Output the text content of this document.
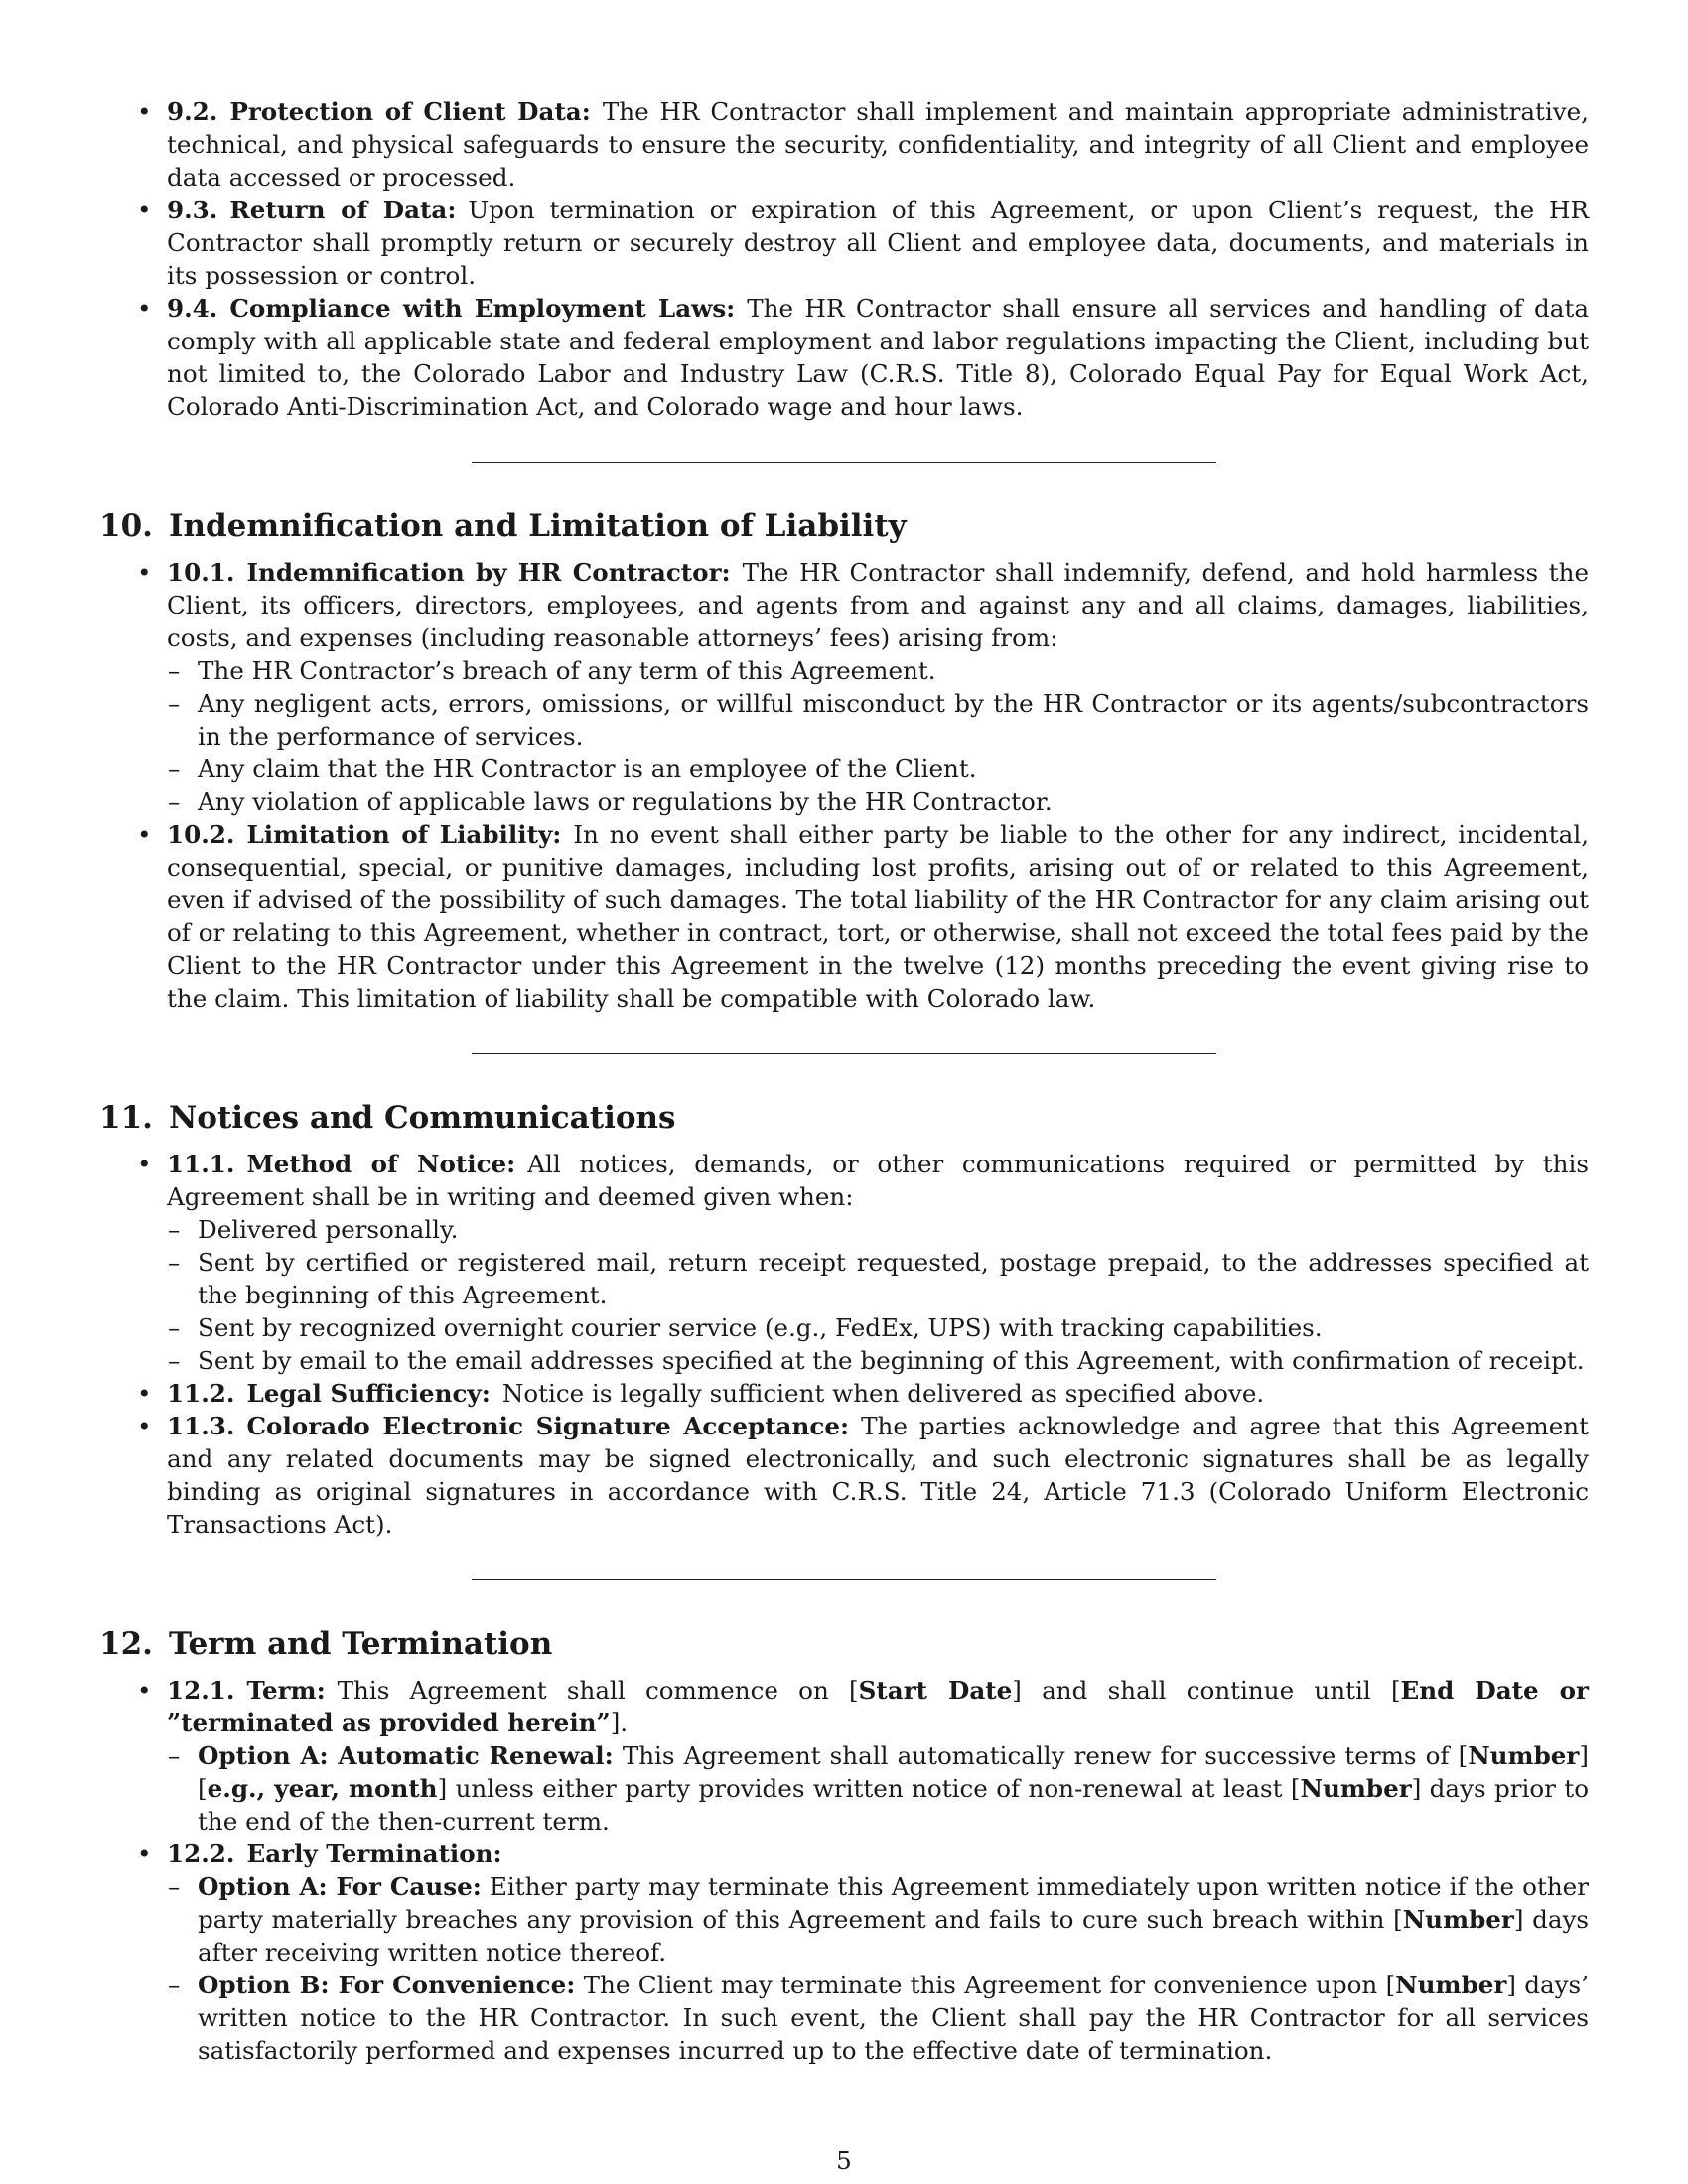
• 9.2. Protection of Client Data: The HR Contractor shall implement and maintain appropriate administrative, technical, and physical safeguards to ensure the security, confidentiality, and integrity of all Client and employee data accessed or processed.
• 9.3. Return of Data: Upon termination or expiration of this Agreement, or upon Client’s request, the HR Contractor shall promptly return or securely destroy all Client and employee data, documents, and materials in its possession or control.
• 9.4. Compliance with Employment Laws: The HR Contractor shall ensure all services and handling of data comply with all applicable state and federal employment and labor regulations impacting the Client, including but not limited to, the Colorado Labor and Industry Law (C.R.S. Title 8), Colorado Equal Pay for Equal Work Act, Colorado Anti-Discrimination Act, and Colorado wage and hour laws.
10. Indemnification and Limitation of Liability
• 10.1. Indemnification by HR Contractor: The HR Contractor shall indemnify, defend, and hold harmless the Client, its officers, directors, employees, and agents from and against any and all claims, damages, liabilities, costs, and expenses (including reasonable attorneys’ fees) arising from:
– The HR Contractor’s breach of any term of this Agreement.
– Any negligent acts, errors, omissions, or willful misconduct by the HR Contractor or its agents/subcontractors in the performance of services.
– Any claim that the HR Contractor is an employee of the Client.
– Any violation of applicable laws or regulations by the HR Contractor.
• 10.2. Limitation of Liability: In no event shall either party be liable to the other for any indirect, incidental, consequential, special, or punitive damages, including lost profits, arising out of or related to this Agreement, even if advised of the possibility of such damages. The total liability of the HR Contractor for any claim arising out of or relating to this Agreement, whether in contract, tort, or otherwise, shall not exceed the total fees paid by the Client to the HR Contractor under this Agreement in the twelve (12) months preceding the event giving rise to the claim. This limitation of liability shall be compatible with Colorado law.
11. Notices and Communications
• 11.1. Method of Notice: All notices, demands, or other communications required or permitted by this Agreement shall be in writing and deemed given when:
– Delivered personally.
– Sent by certified or registered mail, return receipt requested, postage prepaid, to the addresses specified at the beginning of this Agreement.
– Sent by recognized overnight courier service (e.g., FedEx, UPS) with tracking capabilities.
– Sent by email to the email addresses specified at the beginning of this Agreement, with confirmation of receipt.
• 11.2. Legal Sufficiency: Notice is legally sufficient when delivered as specified above.
• 11.3. Colorado Electronic Signature Acceptance: The parties acknowledge and agree that this Agreement and any related documents may be signed electronically, and such electronic signatures shall be as legally binding as original signatures in accordance with C.R.S. Title 24, Article 71.3 (Colorado Uniform Electronic Transactions Act).
12. Term and Termination
• 12.1. Term: This Agreement shall commence on [Start Date] and shall continue until [End Date or ”terminated as provided herein”].
– Option A: Automatic Renewal: This Agreement shall automatically renew for successive terms of [Number] [e.g., year, month] unless either party provides written notice of non-renewal at least [Number] days prior to the end of the then-current term.
• 12.2. Early Termination:
– Option A: For Cause: Either party may terminate this Agreement immediately upon written notice if the other party materially breaches any provision of this Agreement and fails to cure such breach within [Number] days after receiving written notice thereof.
– Option B: For Convenience: The Client may terminate this Agreement for convenience upon [Number] days’ written notice to the HR Contractor. In such event, the Client shall pay the HR Contractor for all services satisfactorily performed and expenses incurred up to the effective date of termination.
5
